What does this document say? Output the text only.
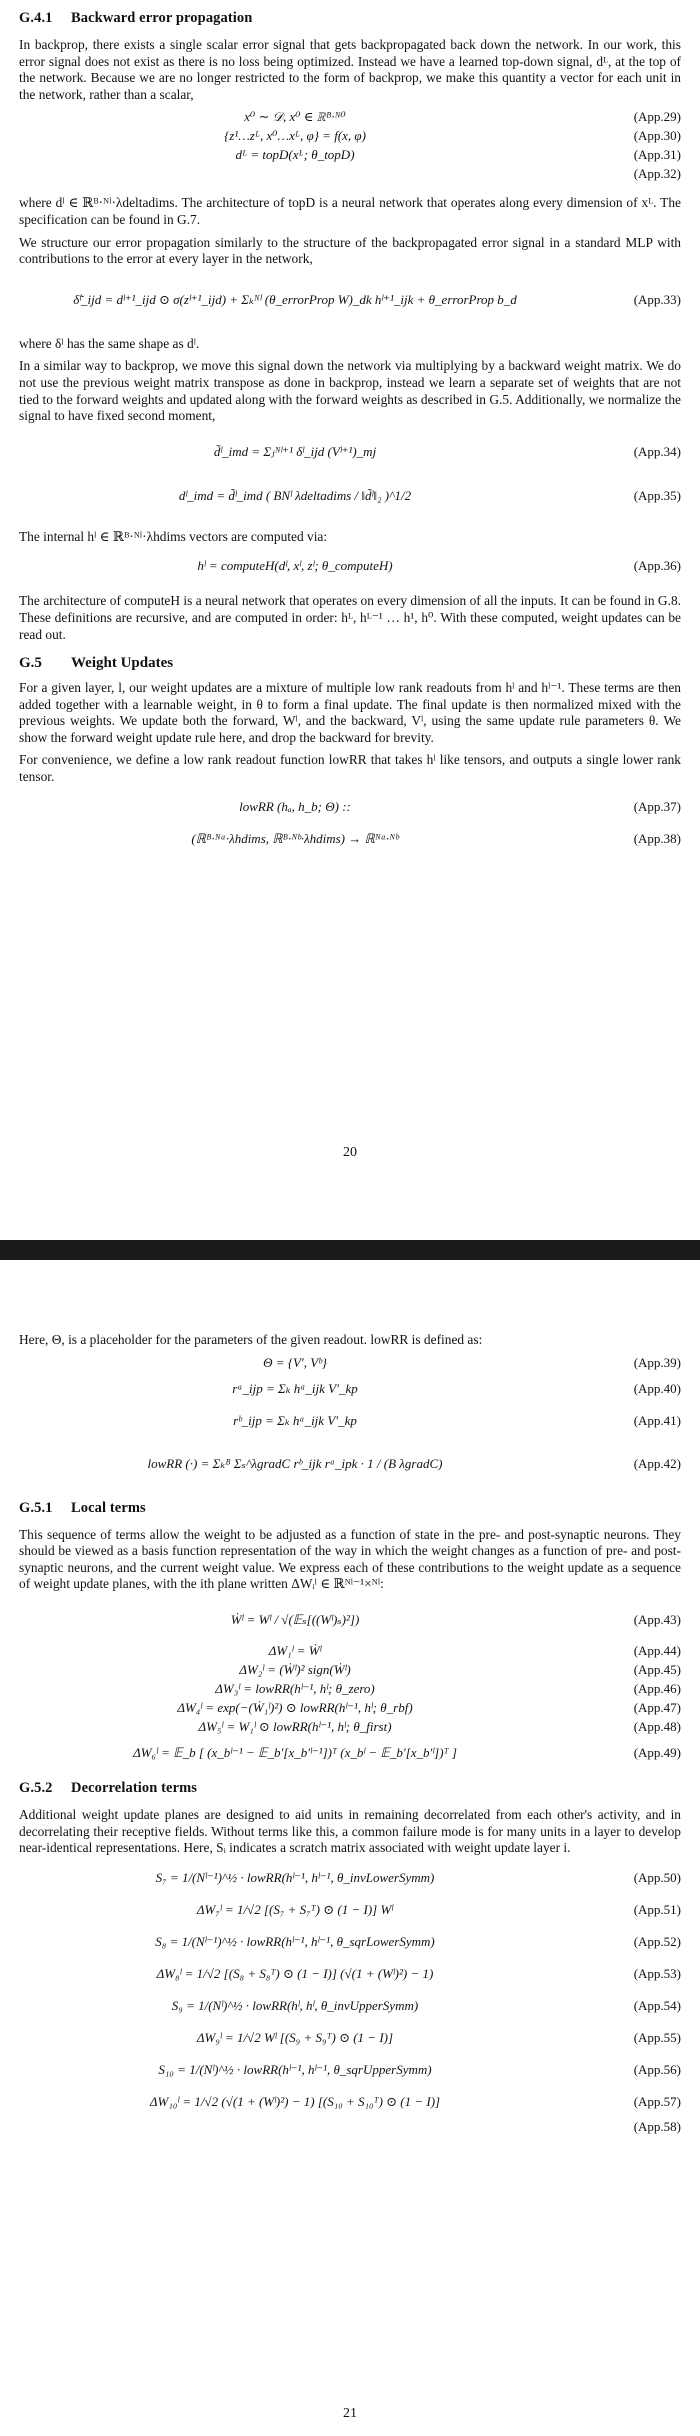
G.4.1 Backward error propagation

In backprop, there exists a single scalar error signal that gets backpropagated back down the network. In our work, this error signal does not exist as there is no loss being optimized. Instead we have a learned top-down signal, dᴸ, at the top of the network. Because we are no longer restricted to the form of backprop, we make this quantity a vector for each unit in the network, rather than a scalar,

x⁰ ∼ 𝒟, x⁰ ∈ ℝᴮ·ᴺ⁰	(App.29)
{z¹…zᴸ, x⁰…xᴸ, φ} = f(x, φ)	(App.30)
dᴸ = topD(xᴸ; θ_topD)	(App.31)
(App.32)

where dˡ ∈ ℝᴮ·ᴺˡ·λdeltadims. The architecture of topD is a neural network that operates along every dimension of xᴸ. The specification can be found in G.7.

We structure our error propagation similarly to the structure of the backpropagated error signal in a standard MLP with contributions to the error at every layer in the network,

δ̃ˡ_ijd = dˡ⁺¹_ijd ⊙ σ(zˡ⁺¹_ijd) + Σₖᴺˡ (θ_errorProp W)_dk hˡ⁺¹_ijk + θ_errorProp b_d	(App.33)

where δˡ has the same shape as dˡ.

In a similar way to backprop, we move this signal down the network via multiplying by a backward weight matrix. We do not use the previous weight matrix transpose as done in backprop, instead we learn a separate set of weights that are not tied to the forward weights and updated along with the forward weights as described in G.5. Additionally, we normalize the signal to have fixed second moment,

d̃ˡ_imd = Σⱼᴺˡ⁺¹ δˡ_ijd (Vˡ⁺¹)_mj	(App.34)
dˡ_imd = d̃ˡ_imd ( BNˡ λdeltadims / ‖d̃ˡ‖₂ )^1/2	(App.35)

The internal hˡ ∈ ℝᴮ·ᴺˡ·λhdims vectors are computed via:

hˡ = computeH(dˡ, xˡ, zˡ; θ_computeH)	(App.36)

The architecture of computeH is a neural network that operates on every dimension of all the inputs. It can be found in G.8. These definitions are recursive, and are computed in order: hᴸ, hᴸ⁻¹ … h¹, h⁰. With these computed, weight updates can be read out.

G.5 Weight Updates

For a given layer, l, our weight updates are a mixture of multiple low rank readouts from hˡ and hˡ⁻¹. These terms are then added together with a learnable weight, in θ to form a final update. The final update is then normalized mixed with the previous weights. We update both the forward, Wˡ, and the backward, Vˡ, using the same update rule parameters θ. We show the forward weight update rule here, and drop the backward for brevity.

For convenience, we define a low rank readout function lowRR that takes hˡ like tensors, and outputs a single lower rank tensor.

lowRR (hₐ, h_b; Θ) ::	(App.37)
(ℝᴮ·ᴺᵃ·λhdims, ℝᴮ·ᴺᵇ·λhdims) → ℝᴺᵃ·ᴺᵇ	(App.38)
20

Here, Θ, is a placeholder for the parameters of the given readout. lowRR is defined as:

Θ = {V′, Vᵇ}	(App.39)
rᵃ_ijp = Σₖ hᵃ_ijk V′_kp	(App.40)
rᵇ_ijp = Σₖ hᵃ_ijk V′_kp	(App.41)
lowRR (·) = Σₖᴮ Σₛ^λgradC rᵇ_ijk rᵃ_ipk · 1 / (B λgradC)	(App.42)
G.5.1 Local terms

This sequence of terms allow the weight to be adjusted as a function of state in the pre- and post-synaptic neurons. They should be viewed as a basis function representation of the way in which the weight changes as a function of pre- and post-synaptic neurons, and the current weight value. We express each of these contributions to the weight update as a sequence of weight update planes, with the ith plane written ΔWᵢˡ ∈ ℝᴺˡ⁻¹×ᴺˡ:

Ẇˡ = Wˡ / √(𝔼ₛ[((Wˡ)ₛ)²])	(App.43)
ΔW₁ˡ = Ẇˡ	(App.44)
ΔW₂ˡ = (Ẇˡ)² sign(Ẇˡ)	(App.45)
ΔW₃ˡ = lowRR(hˡ⁻¹, hˡ; θ_zero)	(App.46)
ΔW₄ˡ = exp(−(Ẇ₁ˡ)²) ⊙ lowRR(hˡ⁻¹, hˡ; θ_rbf)	(App.47)
ΔW₅ˡ = W₁ˡ ⊙ lowRR(hˡ⁻¹, hˡ; θ_first)	(App.48)
ΔW₆ˡ = 𝔼_b [ (x_bˡ⁻¹ − 𝔼_b′[x_b′ˡ⁻¹])ᵀ (x_bˡ − 𝔼_b′[x_b′ˡ])ᵀ ]	(App.49)
G.5.2 Decorrelation terms

Additional weight update planes are designed to aid units in remaining decorrelated from each other's activity, and in decorrelating their receptive fields. Without terms like this, a common failure mode is for many units in a layer to develop near-identical representations. Here, Sᵢ indicates a scratch matrix associated with weight update layer i.

S₇ = 1/(Nˡ⁻¹)^½ · lowRR(hˡ⁻¹, hˡ⁻¹, θ_invLowerSymm)	(App.50)
ΔW₇ˡ = 1/√2 [(S₇ + S₇ᵀ) ⊙ (1 − I)] Wˡ	(App.51)
S₈ = 1/(Nˡ⁻¹)^½ · lowRR(hˡ⁻¹, hˡ⁻¹, θ_sqrLowerSymm)	(App.52)
ΔW₈ˡ = 1/√2 [(S₈ + S₈ᵀ) ⊙ (1 − I)] (√(1 + (Wˡ)²) − 1)	(App.53)
S₉ = 1/(Nˡ)^½ · lowRR(hˡ, hˡ, θ_invUpperSymm)	(App.54)
ΔW₉ˡ = 1/√2 Wˡ [(S₉ + S₉ᵀ) ⊙ (1 − I)]	(App.55)
S₁₀ = 1/(Nˡ)^½ · lowRR(hˡ⁻¹, hˡ⁻¹, θ_sqrUpperSymm)	(App.56)
ΔW₁₀ˡ = 1/√2 (√(1 + (Wˡ)²) − 1) [(S₁₀ + S₁₀ᵀ) ⊙ (1 − I)]	(App.57)
(App.58)
21
